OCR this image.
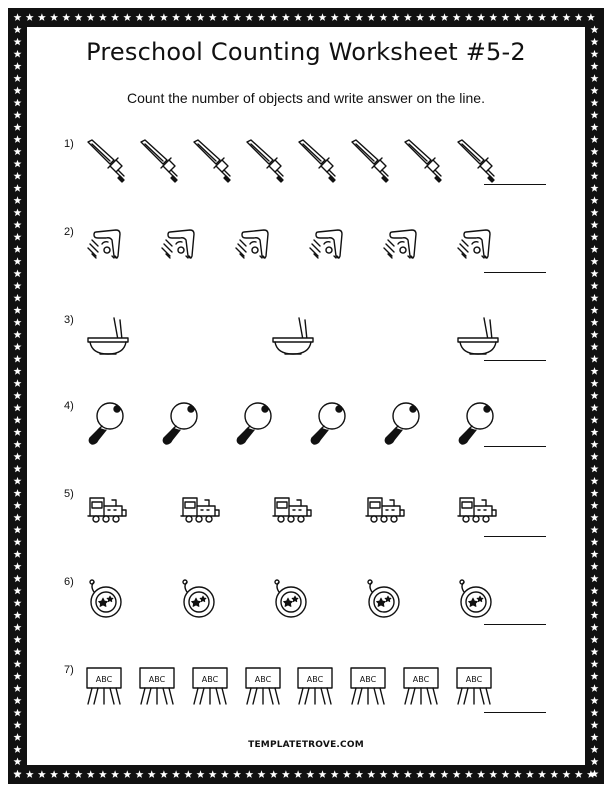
Preschool Counting Worksheet #5-2
Count the number of objects and write answer on the line.
1)
2)
3)
4)
5)
6)
7)
ABC	ABC	ABC	ABC	ABC	ABC	ABC	ABC
TEMPLATETROVE.COM
